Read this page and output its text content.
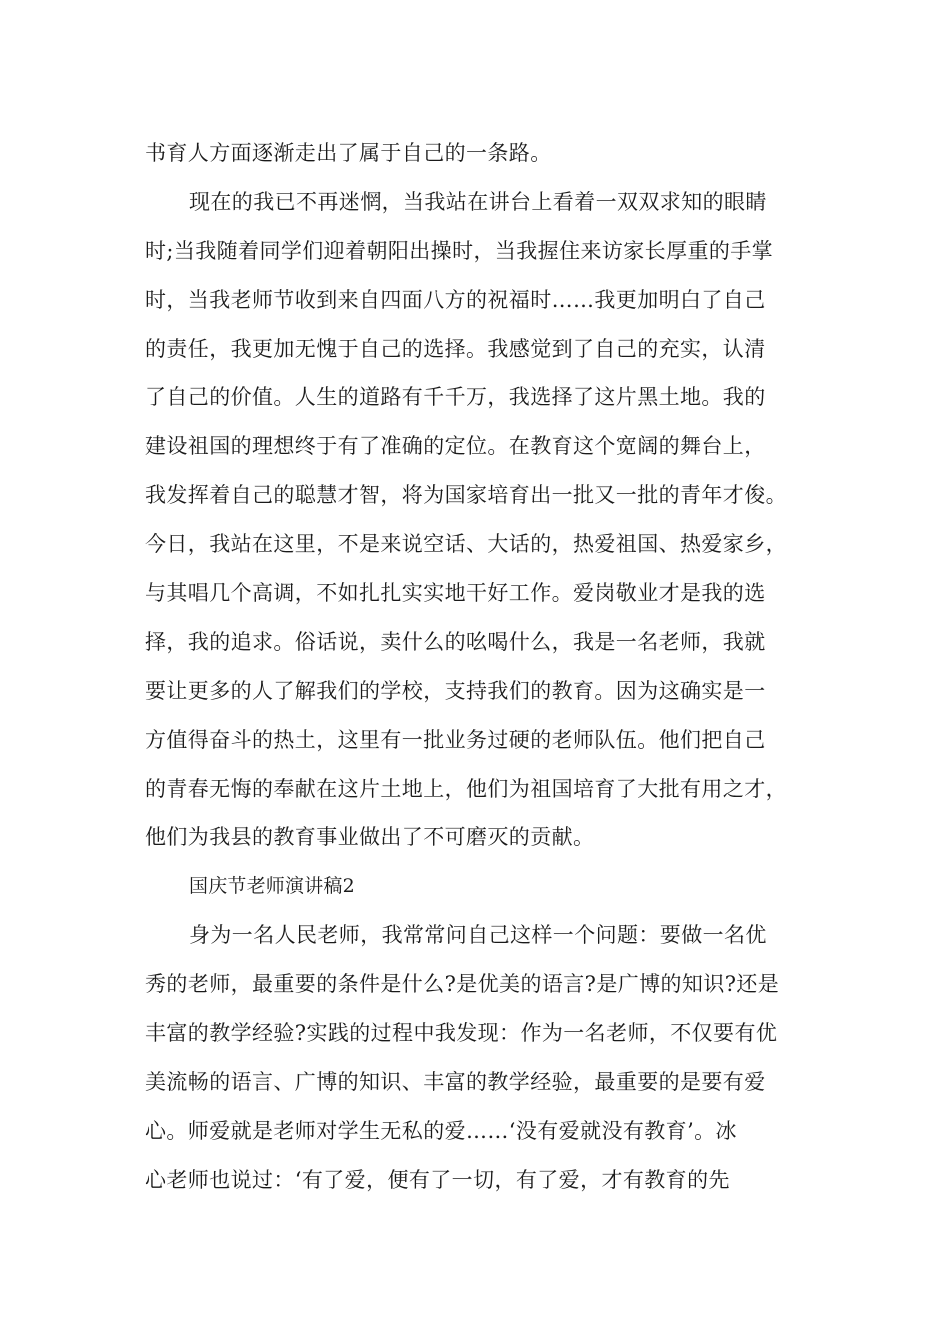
书育人方面逐渐走出了属于自己的一条路。
现在的我已不再迷惘，当我站在讲台上看着一双双求知的眼睛
时;当我随着同学们迎着朝阳出操时，当我握住来访家长厚重的手掌
时，当我老师节收到来自四面八方的祝福时……我更加明白了自己
的责任，我更加无愧于自己的选择。我感觉到了自己的充实，认清
了自己的价值。人生的道路有千千万，我选择了这片黑土地。我的
建设祖国的理想终于有了准确的定位。在教育这个宽阔的舞台上，
我发挥着自己的聪慧才智，将为国家培育出一批又一批的青年才俊。
今日，我站在这里，不是来说空话、大话的，热爱祖国、热爱家乡，
与其唱几个高调，不如扎扎实实地干好工作。爱岗敬业才是我的选
择，我的追求。俗话说，卖什么的吆喝什么，我是一名老师，我就
要让更多的人了解我们的学校，支持我们的教育。因为这确实是一
方值得奋斗的热土，这里有一批业务过硬的老师队伍。他们把自己
的青春无悔的奉献在这片土地上，他们为祖国培育了大批有用之才，
他们为我县的教育事业做出了不可磨灭的贡献。
国庆节老师演讲稿2
身为一名人民老师，我常常问自己这样一个问题：要做一名优
秀的老师，最重要的条件是什么?是优美的语言?是广博的知识?还是
丰富的教学经验?实践的过程中我发现：作为一名老师，不仅要有优
美流畅的语言、广博的知识、丰富的教学经验，最重要的是要有爱
心。师爱就是老师对学生无私的爱……‘没有爱就没有教育’。冰
心老师也说过：‘有了爱，便有了一切，有了爱，才有教育的先
